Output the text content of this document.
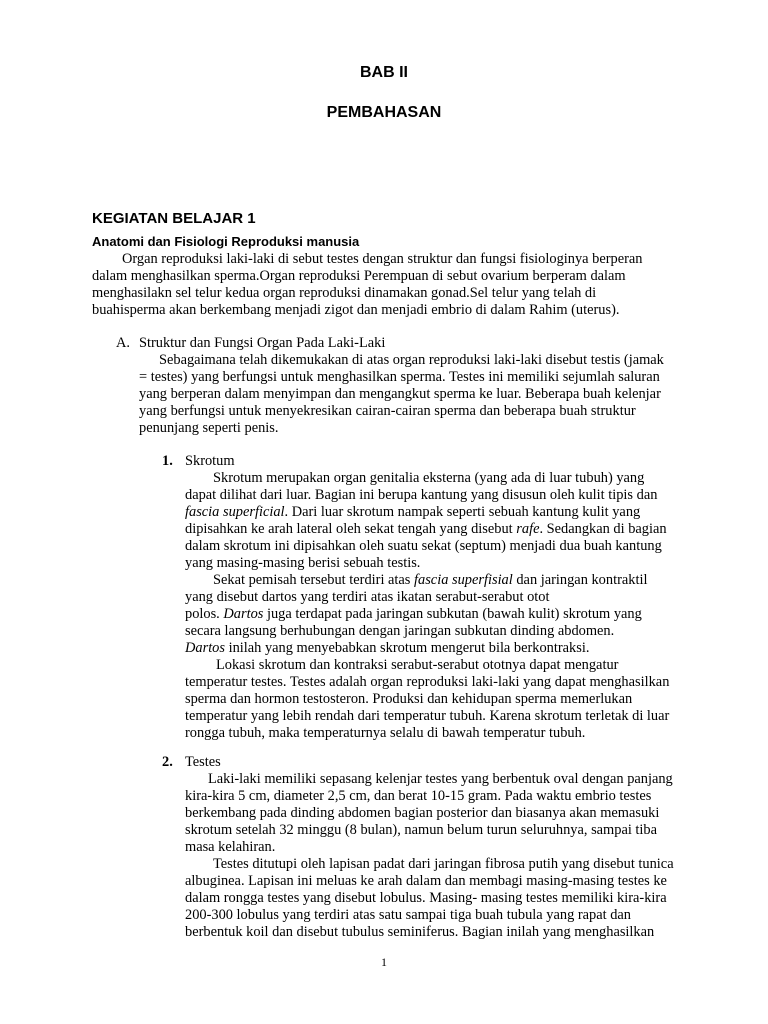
BAB II
PEMBAHASAN
KEGIATAN BELAJAR 1
Anatomi dan Fisiologi Reproduksi manusia
Organ reproduksi laki-laki di sebut testes dengan struktur dan fungsi fisiologinya berperan
dalam menghasilkan sperma.Organ reproduksi Perempuan di sebut ovarium berperam dalam
menghasilakn sel telur kedua organ reproduksi dinamakan gonad.Sel telur yang telah di
buahisperma akan berkembang menjadi zigot dan menjadi embrio di dalam Rahim (uterus).
A. Struktur dan Fungsi Organ Pada Laki-Laki
Sebagaimana telah dikemukakan di atas organ reproduksi laki-laki disebut testis (jamak
= testes) yang berfungsi untuk menghasilkan sperma. Testes ini memiliki sejumlah saluran
yang berperan dalam menyimpan dan mengangkut sperma ke luar. Beberapa buah kelenjar
yang berfungsi untuk menyekresikan cairan-cairan sperma dan beberapa buah struktur
penunjang seperti penis.
1. Skrotum
Skrotum merupakan organ genitalia eksterna (yang ada di luar tubuh) yang
dapat dilihat dari luar. Bagian ini berupa kantung yang disusun oleh kulit tipis dan
fascia superficial. Dari luar skrotum nampak seperti sebuah kantung kulit yang
dipisahkan ke arah lateral oleh sekat tengah yang disebut rafe. Sedangkan di bagian
dalam skrotum ini dipisahkan oleh suatu sekat (septum) menjadi dua buah kantung
yang masing-masing berisi sebuah testis.
Sekat pemisah tersebut terdiri atas fascia superfisial dan jaringan kontraktil
yang disebut dartos yang terdiri atas ikatan serabut-serabut otot
polos. Dartos juga terdapat pada jaringan subkutan (bawah kulit) skrotum yang
secara langsung berhubungan dengan jaringan subkutan dinding abdomen.
Dartos inilah yang menyebabkan skrotum mengerut bila berkontraksi.
Lokasi skrotum dan kontraksi serabut-serabut ototnya dapat mengatur
temperatur testes. Testes adalah organ reproduksi laki-laki yang dapat menghasilkan
sperma dan hormon testosteron. Produksi dan kehidupan sperma memerlukan
temperatur yang lebih rendah dari temperatur tubuh. Karena skrotum terletak di luar
rongga tubuh, maka temperaturnya selalu di bawah temperatur tubuh.
2. Testes
Laki-laki memiliki sepasang kelenjar testes yang berbentuk oval dengan panjang
kira-kira 5 cm, diameter 2,5 cm, dan berat 10-15 gram. Pada waktu embrio testes
berkembang pada dinding abdomen bagian posterior dan biasanya akan memasuki
skrotum setelah 32 minggu (8 bulan), namun belum turun seluruhnya, sampai tiba
masa kelahiran.
Testes ditutupi oleh lapisan padat dari jaringan fibrosa putih yang disebut tunica
albuginea. Lapisan ini meluas ke arah dalam dan membagi masing-masing testes ke
dalam rongga testes yang disebut lobulus. Masing- masing testes memiliki kira-kira
200-300 lobulus yang terdiri atas satu sampai tiga buah tubula yang rapat dan
berbentuk koil dan disebut tubulus seminiferus. Bagian inilah yang menghasilkan
1
